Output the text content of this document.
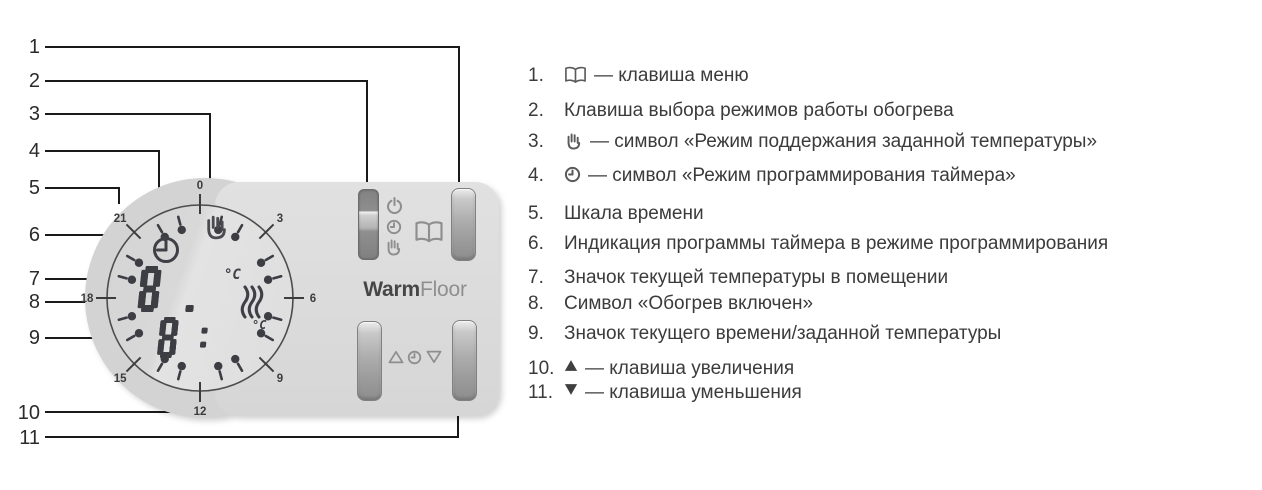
1
2
3
4
5
6
7
8
9
10
11
0
3
6
9
12
15
18
21
°C
°C
WarmFloor
1.	— клавиша меню
2.	Клавиша выбора режимов работы обогрева
3.	— символ «Режим поддержания заданной температуры»
4.	— символ «Режим программирования таймера»
5.	Шкала времени
6.	Индикация программы таймера в режиме программирования
7.	Значок текущей температуры в помещении
8.	Символ «Обогрев включен»
9.	Значок текущего времени/заданной температуры
10.	— клавиша увеличения
11.	— клавиша уменьшения
